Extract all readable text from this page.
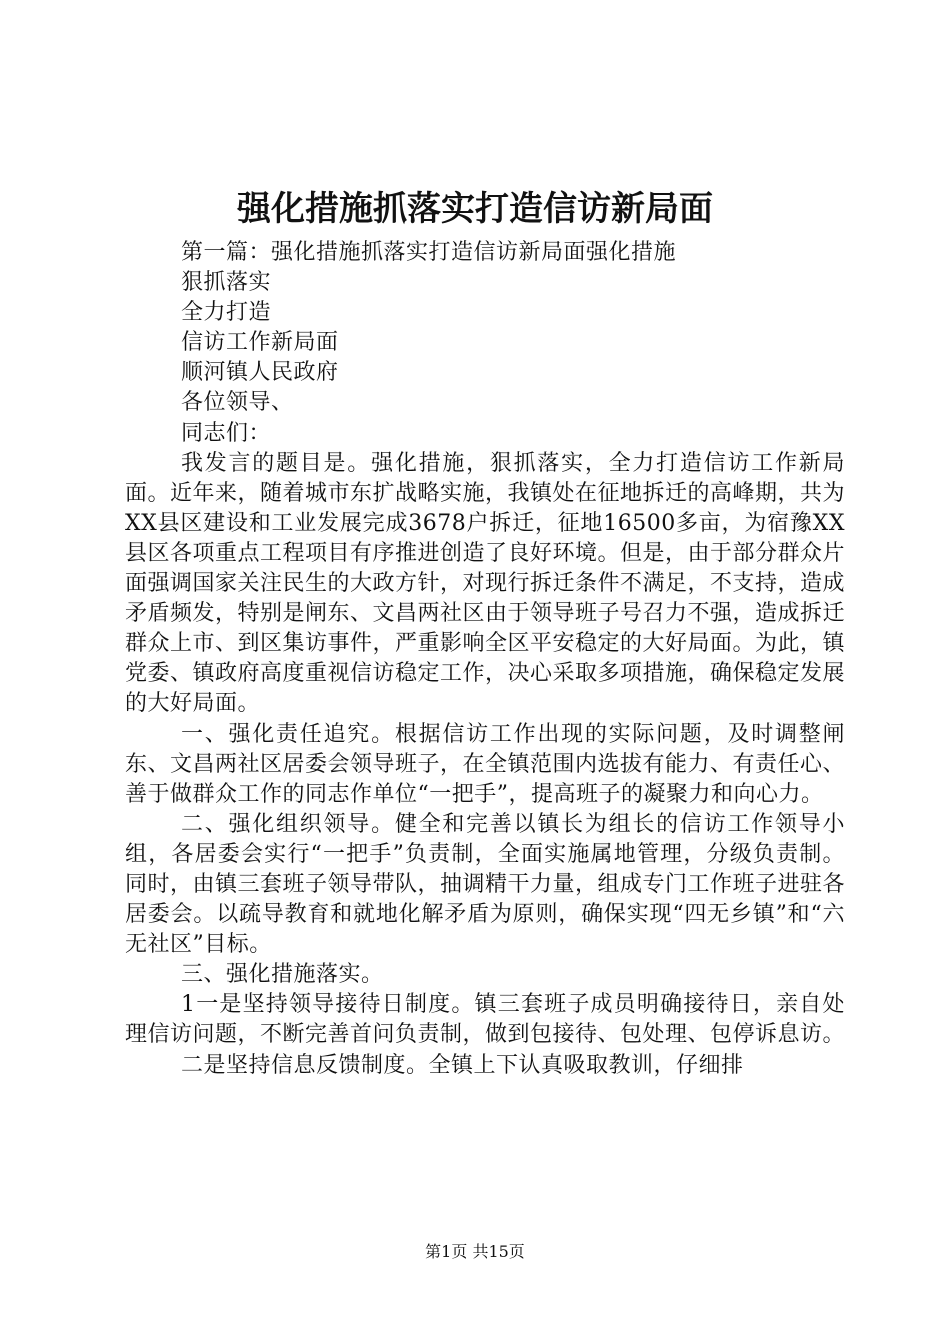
强化措施抓落实打造信访新局面

第一篇：强化措施抓落实打造信访新局面强化措施

狠抓落实

全力打造

信访工作新局面

顺河镇人民政府

各位领导、

同志们：

我发言的题目是。强化措施，狠抓落实，全力打造信访工作新局面。近年来，随着城市东扩战略实施，我镇处在征地拆迁的高峰期，共为XX县区建设和工业发展完成3678户拆迁，征地16500多亩，为宿豫XX县区各项重点工程项目有序推进创造了良好环境。但是，由于部分群众片面强调国家关注民生的大政方针，对现行拆迁条件不满足，不支持，造成矛盾频发，特别是闸东、文昌两社区由于领导班子号召力不强，造成拆迁群众上市、到区集访事件，严重影响全区平安稳定的大好局面。为此，镇党委、镇政府高度重视信访稳定工作，决心采取多项措施，确保稳定发展的大好局面。

一、强化责任追究。根据信访工作出现的实际问题，及时调整闸东、文昌两社区居委会领导班子，在全镇范围内选拔有能力、有责任心、善于做群众工作的同志作单位“一把手”，提高班子的凝聚力和向心力。

二、强化组织领导。健全和完善以镇长为组长的信访工作领导小组，各居委会实行“一把手”负责制，全面实施属地管理，分级负责制。同时，由镇三套班子领导带队，抽调精干力量，组成专门工作班子进驻各居委会。以疏导教育和就地化解矛盾为原则，确保实现“四无乡镇”和“六无社区”目标。

三、强化措施落实。

1一是坚持领导接待日制度。镇三套班子成员明确接待日，亲自处理信访问题，不断完善首问负责制，做到包接待、包处理、包停诉息访。

二是坚持信息反馈制度。全镇上下认真吸取教训，仔细排

第1页 共15页
